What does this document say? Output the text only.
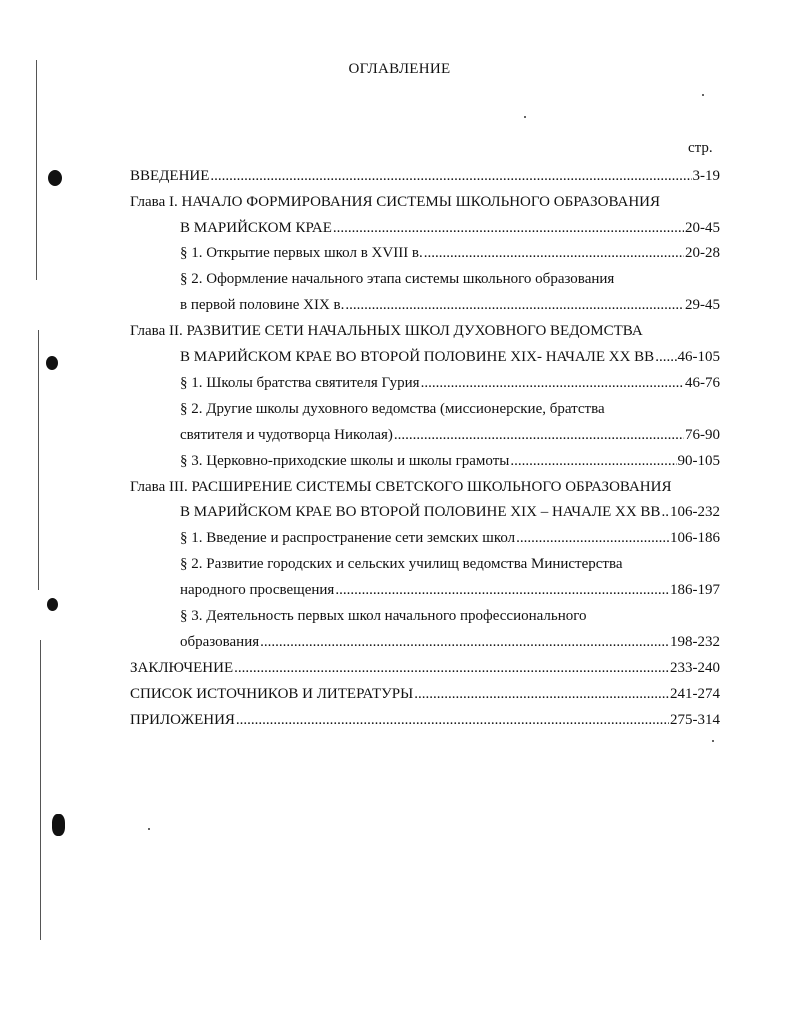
ОГЛАВЛЕНИЕ
стр.
ВВЕДЕНИЕ .....	3-19
Глава I. НАЧАЛО ФОРМИРОВАНИЯ СИСТЕМЫ ШКОЛЬНОГО ОБРАЗОВАНИЯ
В МАРИЙСКОМ КРАЕ .....	20-45
§ 1. Открытие первых школ в XVIII в. .....	20-28
§ 2. Оформление начального этапа системы школьного образования
в первой половине XIX в. .....	29-45
Глава II. РАЗВИТИЕ СЕТИ НАЧАЛЬНЫХ ШКОЛ ДУХОВНОГО ВЕДОМСТВА
В МАРИЙСКОМ КРАЕ ВО ВТОРОЙ ПОЛОВИНЕ XIX- НАЧАЛЕ XX ВВ ..... 46-105
§ 1. Школы братства святителя Гурия .....	46-76
§ 2. Другие школы духовного ведомства (миссионерские, братства
святителя и чудотворца Николая) .....	76-90
§ 3. Церковно-приходские школы и школы грамоты .....	90-105
Глава III. РАСШИРЕНИЕ СИСТЕМЫ СВЕТСКОГО ШКОЛЬНОГО ОБРАЗОВАНИЯ
В МАРИЙСКОМ КРАЕ ВО ВТОРОЙ ПОЛОВИНЕ XIX – НАЧАЛЕ XX ВВ ..... 106-232
§ 1. Введение и распространение сети земских школ .....	106-186
§ 2. Развитие городских и сельских училищ ведомства Министерства
народного просвещения .....	186-197
§ 3. Деятельность первых школ начального профессионального
образования .....	198-232
ЗАКЛЮЧЕНИЕ .....	233-240
СПИСОК ИСТОЧНИКОВ И ЛИТЕРАТУРЫ .....	241-274
ПРИЛОЖЕНИЯ .....	275-314
